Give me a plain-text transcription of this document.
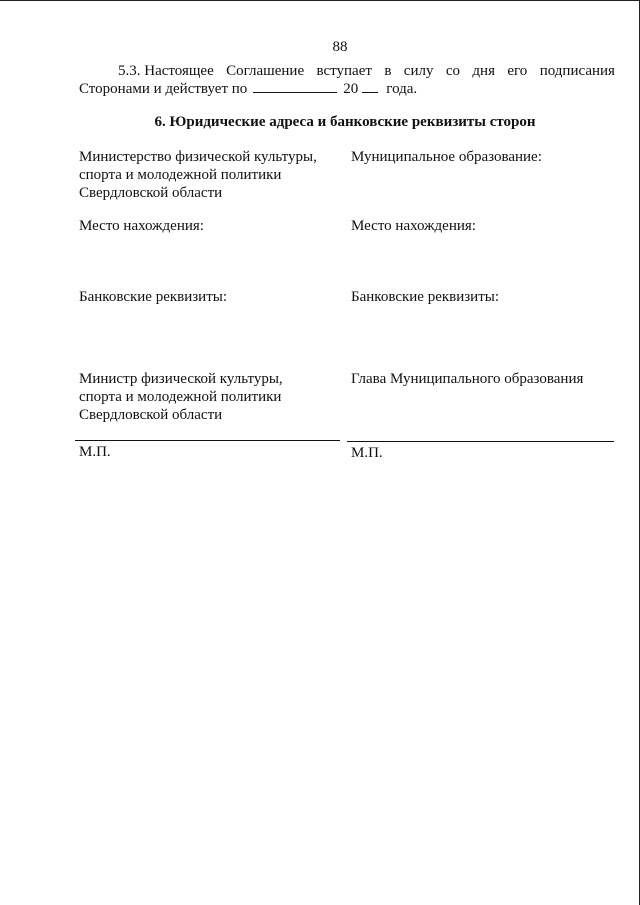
88
5.3. Настоящее Соглашение вступает в силу со дня его подписания
Сторонами и действует по	20 года.
6. Юридические адреса и банковские реквизиты сторон
Министерство физической культуры,
спорта и молодежной политики
Свердловской области
Место нахождения:
Банковские реквизиты:
Министр физической культуры,
спорта и молодежной политики
Свердловской области
М.П.
Муниципальное образование:
Место нахождения:
Банковские реквизиты:
Глава Муниципального образования
М.П.
